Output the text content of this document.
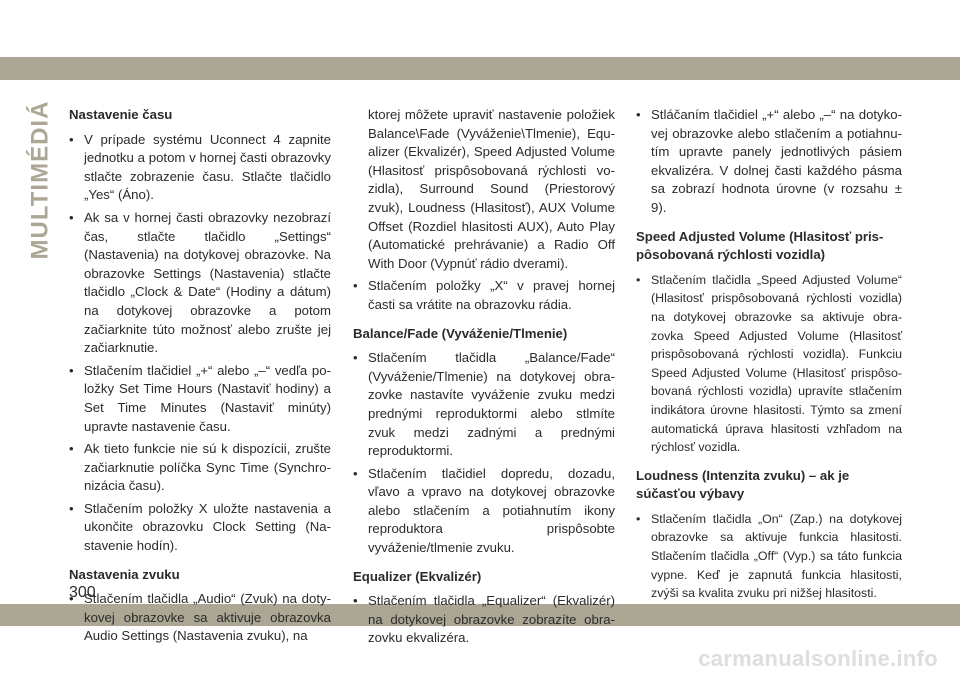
MULTIMÉDIÁ Nastavenie času
• V prípade systému Uconnect 4 zapnite jednotku a potom v hornej časti obrazovky stlačte zobrazenie času. Stlačte tlačidlo „Yes“ (Áno).
• Ak sa v hornej časti obrazovky nezobrazí čas, stlačte tlačidlo „Settings“ (Nastavenia) na dotykovej obrazovke. Na obrazovke Settings (Nastavenia) stlačte tlačidlo „Clock & Date“ (Hodiny a dátum) na dotykovej obrazovke a potom začiarknite túto možnosť alebo zrušte jej začiarknutie.
• Stlačením tlačidiel „+“ alebo „–“ vedľa položky Set Time Hours (Nastaviť hodiny) a Set Time Minutes (Nastaviť minúty) upravte nastavenie času.
• Ak tieto funkcie nie sú k dispozícii, zrušte začiarknutie políčka Sync Time (Synchronizácia času).
• Stlačením položky X uložte nastavenia a ukončite obrazovku Clock Setting (Nastavenie hodín).
Nastavenia zvuku
• Stlačením tlačidla „Audio“ (Zvuk) na dotykovej obrazovke sa aktivuje obrazovka Audio Settings (Nastavenia zvuku), na

ktorej môžete upraviť nastavenie položiek Balance\Fade (Vyváženie\Tlmenie), Equalizer (Ekvalizér), Speed Adjusted Volume (Hlasitosť prispôsobovaná rýchlosti vozidla), Surround Sound (Priestorový zvuk), Loudness (Hlasitosť), AUX Volume Offset (Rozdiel hlasitosti AUX), Auto Play (Automatické prehrávanie) a Radio Off With Door (Vypnúť rádio dverami).

• Stlačením položky „X“ v pravej hornej časti sa vrátite na obrazovku rádia.
Balance/Fade (Vyváženie/Tlmenie)
• Stlačením tlačidla „Balance/Fade“ (Vyváženie/Tlmenie) na dotykovej obrazovke nastavíte vyváženie zvuku medzi prednými reproduktormi alebo stlmíte zvuk medzi zadnými a prednými reproduktormi.
• Stlačením tlačidiel dopredu, dozadu, vľavo a vpravo na dotykovej obrazovke alebo stlačením a potiahnutím ikony reproduktora prispôsobte vyváženie/tlmenie zvuku.
Equalizer (Ekvalizér)
• Stlačením tlačidla „Equalizer“ (Ekvalizér) na dotykovej obrazovke zobrazíte obrazovku ekvalizéra.
• Stláčaním tlačidiel „+“ alebo „–“ na dotykovej obrazovke alebo stlačením a potiahnutím upravte panely jednotlivých pásiem ekvalizéra. V dolnej časti každého pásma sa zobrazí hodnota úrovne (v rozsahu ± 9).
Speed Adjusted Volume (Hlasitosť prispôsobovaná rýchlosti vozidla)
• Stlačením tlačidla „Speed Adjusted Volume“ (Hlasitosť prispôsobovaná rýchlosti vozidla) na dotykovej obrazovke sa aktivuje obrazovka Speed Adjusted Volume (Hlasitosť prispôsobovaná rýchlosti vozidla). Funkciu Speed Adjusted Volume (Hlasitosť prispôsobovaná rýchlosti vozidla) upravíte stlačením indikátora úrovne hlasitosti. Týmto sa zmení automatická úprava hlasitosti vzhľadom na rýchlosť vozidla.
Loudness (Intenzita zvuku) – ak je súčasťou výbavy
• Stlačením tlačidla „On“ (Zap.) na dotykovej obrazovke sa aktivuje funkcia hlasitosti. Stlačením tlačidla „Off“ (Vyp.) sa táto funkcia vypne. Keď je zapnutá funkcia hlasitosti, zvýši sa kvalita zvuku pri nižšej hlasitosti.
300
carmanualsonline.info
